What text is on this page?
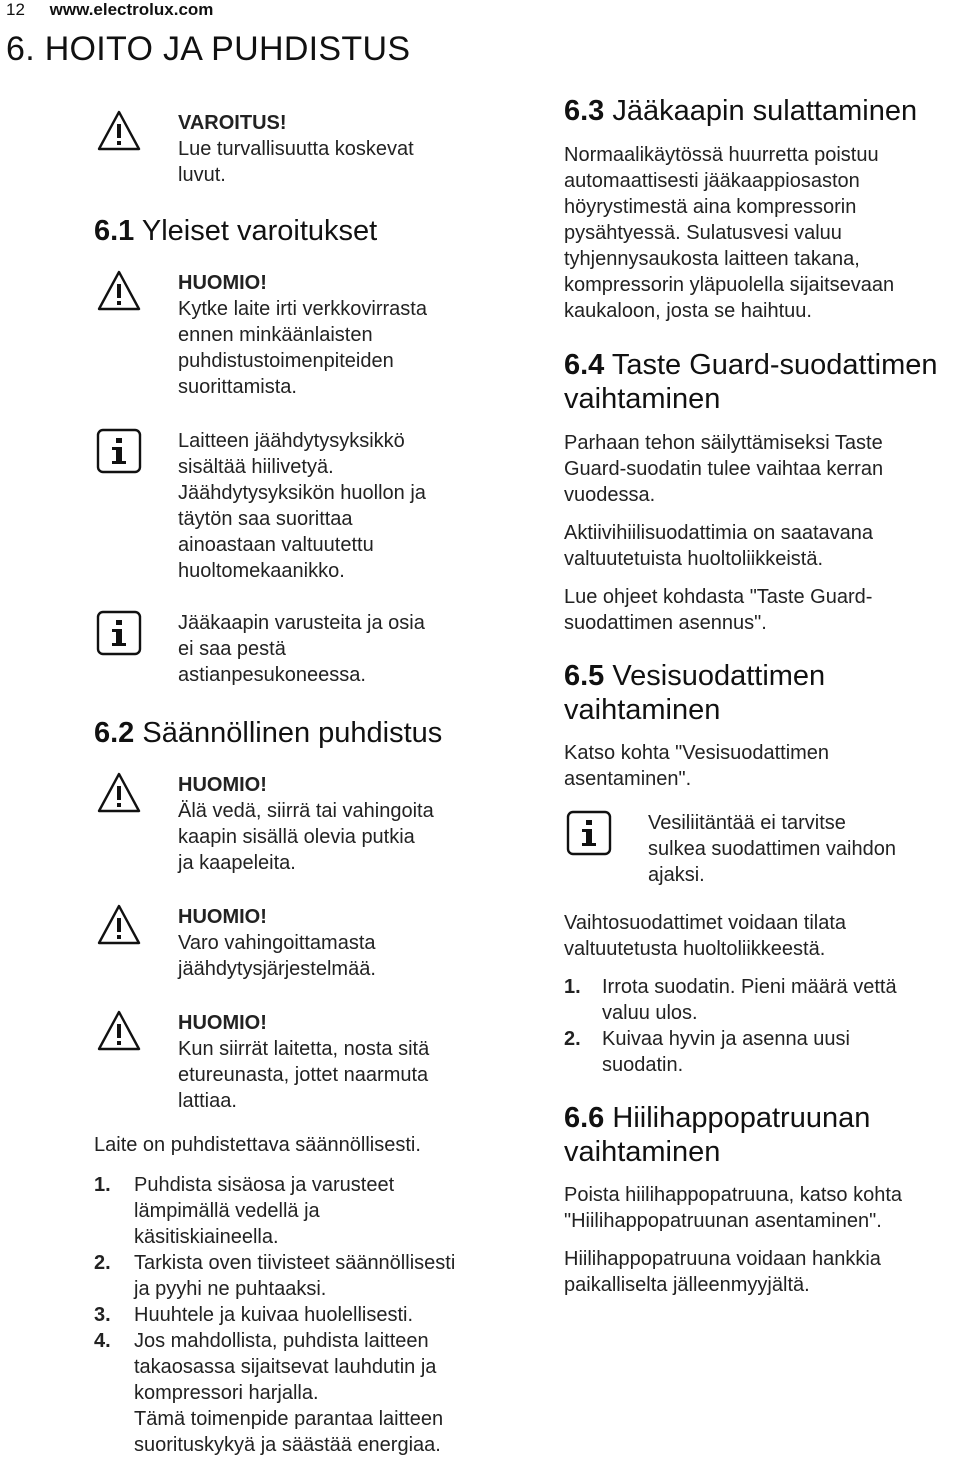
12 www.electrolux.com
6. HOITO JA PUHDISTUS

VAROITUS!

Lue turvallisuutta koskevat

luvut.

6.1 Yleiset varoitukset

HUOMIO!

Kytke laite irti verkkovirrasta

ennen minkäänlaisten

puhdistustoimenpiteiden

suorittamista.

Laitteen jäähdytysyksikkö

sisältää hiilivetyä.

Jäähdytysyksikön huollon ja

täytön saa suorittaa

ainoastaan valtuutettu

huoltomekaanikko.

Jääkaapin varusteita ja osia

ei saa pestä

astianpesukoneessa.

6.2 Säännöllinen puhdistus

HUOMIO!

Älä vedä, siirrä tai vahingoita

kaapin sisällä olevia putkia

ja kaapeleita.

HUOMIO!

Varo vahingoittamasta

jäähdytysjärjestelmää.

HUOMIO!

Kun siirrät laitetta, nosta sitä

etureunasta, jottet naarmuta

lattiaa.

Laite on puhdistettava säännöllisesti.

1. Puhdista sisäosa ja varusteet
lämpimällä vedellä ja
käsitiskiaineella.
2. Tarkista oven tiivisteet säännöllisesti
ja pyyhi ne puhtaaksi.
3. Huuhtele ja kuivaa huolellisesti.
4. Jos mahdollista, puhdista laitteen
takaosassa sijaitsevat lauhdutin ja
kompressori harjalla.
Tämä toimenpide parantaa laitteen
suorituskykyä ja säästää energiaa.
6.3 Jääkaapin sulattaminen

Normaalikäytössä huurretta poistuu

automaattisesti jääkaappiosaston

höyrystimestä aina kompressorin

pysähtyessä. Sulatusvesi valuu

tyhjennysaukosta laitteen takana,

kompressorin yläpuolella sijaitsevaan

kaukaloon, josta se haihtuu.

6.4 Taste Guard-suodattimen
vaihtaminen

Parhaan tehon säilyttämiseksi Taste

Guard-suodatin tulee vaihtaa kerran

vuodessa.

Aktiivihiilisuodattimia on saatavana

valtuutetuista huoltoliikkeistä.

Lue ohjeet kohdasta "Taste Guard-

suodattimen asennus".

6.5 Vesisuodattimen
vaihtaminen

Katso kohta "Vesisuodattimen

asentaminen".

Vesiliitäntää ei tarvitse

sulkea suodattimen vaihdon

ajaksi.

Vaihtosuodattimet voidaan tilata

valtuutetusta huoltoliikkeestä.

1. Irrota suodatin. Pieni määrä vettä
valuu ulos.
2. Kuivaa hyvin ja asenna uusi
suodatin.
6.6 Hiilihappopatruunan
vaihtaminen

Poista hiilihappopatruuna, katso kohta

"Hiilihappopatruunan asentaminen".

Hiilihappopatruuna voidaan hankkia

paikalliselta jälleenmyyjältä.
